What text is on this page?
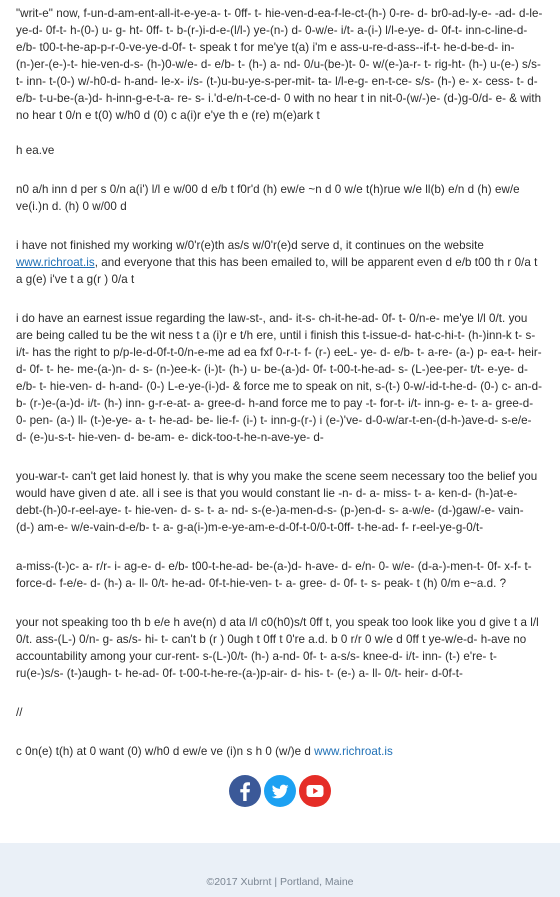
"writ-e" now, f-un-d-am-ent-all-it-e-ye-a- t- 0ff- t- hie-ven-d-ea-f-le-ct-(h-) 0-re- d- br0-ad-ly-e- -ad- d-le-ye-d- 0f-t- h-(0-) u- g- ht- 0ff- t- b-(r-)i-d-e-(l/l-) ye-(n-) d- 0-w/e- i/t- a-(i-) l/l-e-ye- d- 0f-t- inn-c-line-d- e/b- t00-t-he-ap-p-r-0-ve-ye-d-0f- t- speak t for me'ye t(a) i'm e ass-u-re-d-ass--if-t- he-d-be-d- in-(n-)er-(e-)-t- hie-ven-d-s- (h-)0-w/e- d- e/b- t- (h-) a- nd- 0/u-(be-)t- 0- w/(e-)a-r- t- rig-ht- (h-) u-(e-) s/s- t- inn- t-(0-) w/-h0-d- h-and- le-x- i/s- (t-)u-bu-ye-s-per-mit- ta- l/l-e-g- en-t-ce- s/s- (h-) e- x- cess- t- d- e/b- t-u-be-(a-)d- h-inn-g-e-t-a- re- s- i.'d-e/n-t-ce-d- 0 with no hear t in nit-0-(w/-)e- (d-)g-0/d- e- & with no hear t 0/n e t(0) w/h0 d (0) c a(i)r e'ye th e (re) m(e)ark t

h ea.ve

n0 a/h inn d per s 0/n a(i') l/l e w/00 d e/b t f0r'd (h) ew/e ~n d 0 w/e t(h)rue w/e ll(b) e/n d (h) ew/e ve(i.)n d. (h) 0 w/00 d

i have not finished my working w/0'r(e)th as/s w/0'r(e)d serve d, it continues on the website www.richroat.is, and everyone that this has been emailed to, will be apparent even d e/b t00 th r 0/a t a g(e) i've t a g(r ) 0/a t

i do have an earnest issue regarding the law-st-, and- it-s- ch-it-he-ad- 0f- t- 0/n-e- me'ye l/l 0/t. you are being called tu be the wit ness t a (i)r e t/h ere, until i finish this t-issue-d- hat-c-hi-t- (h-)inn-k t- s- i/t- has the right to p/p-le-d-0f-t-0/n-e-me ad ea fxf 0-r-t- f- (r-) eeL- ye- d- e/b- t- a-re- (a-) p- ea-t- heir- d- 0f- t- he- me-(a-)n- d- s- (n-)ee-k- (i-)t- (h-) u- be-(a-)d- 0f- t-00-t-he-ad- s- (L-)ee-per- t/t- e-ye- d- e/b- t- hie-ven- d- h-and- (0-) L-e-ye-(i-)d- & force me to speak on nit, s-(t-) 0-w/-id-t-he-d- (0-) c- an-d- b- (r-)e-(a-)d- i/t- (h-) inn- g-r-e-at- a- gree-d- h-and force me to pay -t- for-t- i/t- inn-g- e- t- a- gree-d- 0- pen- (a-) ll- (t-)e-ye- a- t- he-ad- be- lie-f- (i-) t- inn-g-(r-) i (e-)'ve- d-0-w/ar-t-en-(d-h-)ave-d- s-e/e- d- (e-)u-s-t- hie-ven- d- be-am- e- dick-too-t-he-n-ave-ye- d-

you-war-t- can't get laid honest ly. that is why you make the scene seem necessary too the belief you would have given d ate. all i see is that you would constant lie -n- d- a- miss- t- a- ken-d- (h-)at-e- debt-(h-)0-r-eel-aye- t- hie-ven- d- s- t- a- nd- s-(e-)a-men-d-s- (p-)en-d- s- a-w/e- (d-)gaw/-e- vain- (d-) am-e- w/e-vain-d-e/b- t- a- g-a(i-)m-e-ye-am-e-d-0f-t-0/0-t-0ff- t-he-ad- f- r-eel-ye-g-0/t-

a-miss-(t-)c- a- r/r- i- ag-e- d- e/b- t00-t-he-ad- be-(a-)d- h-ave- d- e/n- 0- w/e- (d-a-)-men-t- 0f- x-f- t- force-d- f-e/e- d- (h-) a- ll- 0/t- he-ad- 0f-t-hie-ven- t- a- gree- d- 0f- t- s- peak- t (h) 0/m e~a.d. ?

your not speaking too th b e/e h ave(n) d ata l/l c0(h0)s/t 0ff t, you speak too look like you d give t a l/l 0/t. ass-(L-) 0/n- g- as/s- hi- t- can't b (r ) 0ugh t 0ff t 0're a.d. b 0 r/r 0 w/e d 0ff t ye-w/e-d- h-ave no accountability among your cur-rent- s-(L-)0/t- (h-) a-nd- 0f- t- a-s/s- knee-d- i/t- inn- (t-) e're- t-ru(e-)s/s- (t-)augh- t- he-ad- 0f- t-00-t-he-re-(a-)p-air- d- his- t- (e-) a- ll- 0/t- heir- d-0f-t-

//

c 0n(e) t(h) at 0 want (0) w/h0 d ew/e ve (i)n s h 0 (w/)e d www.richroat.is

©2017 Xubrnt | Portland, Maine
